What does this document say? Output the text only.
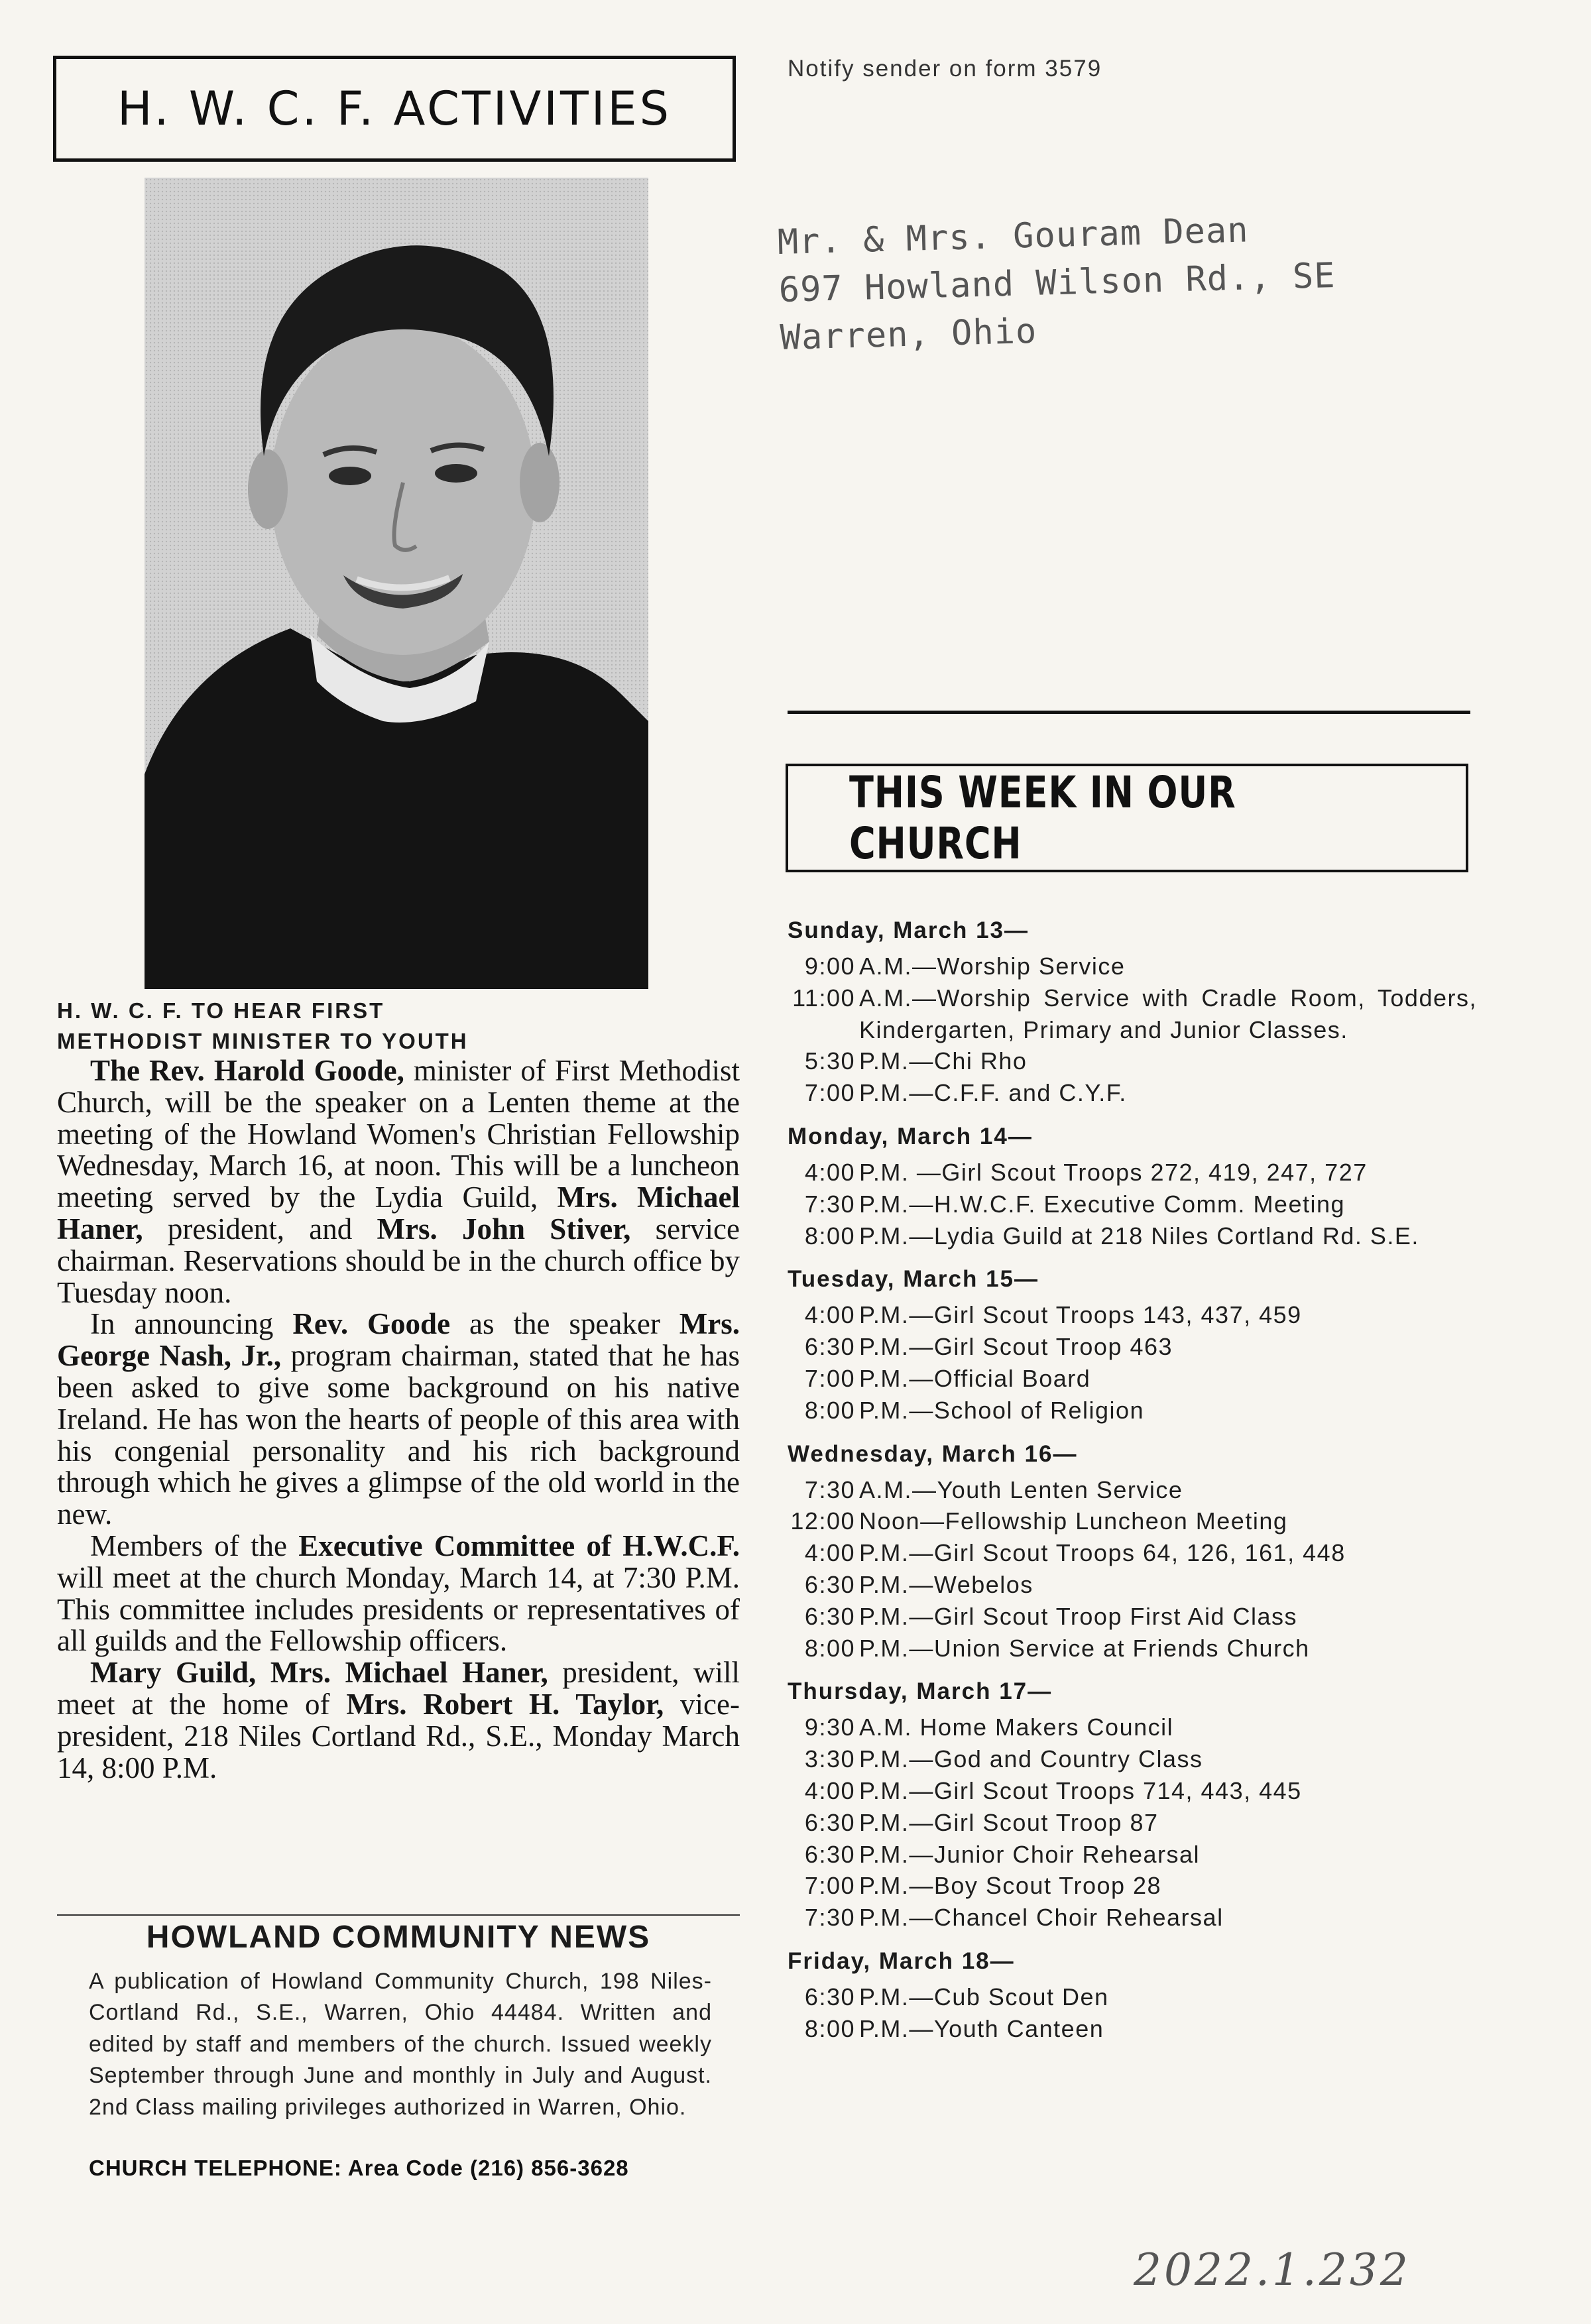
H. W. C. F. ACTIVITIES
Notify sender on form 3579
Mr. & Mrs. Gouram Dean
697 Howland Wilson Rd., SE
Warren, Ohio
THIS WEEK IN OUR CHURCH
H. W. C. F. TO HEAR FIRST
METHODIST MINISTER TO YOUTH

The Rev. Harold Goode, minister of First Methodist Church, will be the speaker on a Lenten theme at the meeting of the Howland Women's Christian Fellowship Wednesday, March 16, at noon. This will be a luncheon meeting served by the Lydia Guild, Mrs. Michael Haner, president, and Mrs. John Stiver, service chairman. Reservations should be in the church office by Tuesday noon.

In announcing Rev. Goode as the speaker Mrs. George Nash, Jr., program chairman, stated that he has been asked to give some background on his native Ireland. He has won the hearts of people of this area with his congenial personality and his rich background through which he gives a glimpse of the old world in the new.

Members of the Executive Committee of H.W.C.F. will meet at the church Monday, March 14, at 7:30 P.M. This committee includes presidents or representatives of all guilds and the Fellowship officers.

Mary Guild, Mrs. Michael Haner, president, will meet at the home of Mrs. Robert H. Taylor, vice-president, 218 Niles Cortland Rd., S.E., Monday March 14, 8:00 P.M.

HOWLAND COMMUNITY NEWS
A publication of Howland Community Church, 198 Niles-Cortland Rd., S.E., Warren, Ohio 44484. Written and edited by staff and members of the church. Issued weekly September through June and monthly in July and August. 2nd Class mailing privileges authorized in Warren, Ohio.
CHURCH TELEPHONE: Area Code (216) 856-3628
Sunday, March 13—
9:00 A.M.—Worship Service
11:00 A.M.—Worship Service with Cradle Room, Todders, Kindergarten, Primary and Junior Classes.
5:30 P.M.—Chi Rho
7:00 P.M.—C.F.F. and C.Y.F.
Monday, March 14—
4:00 P.M. —Girl Scout Troops 272, 419, 247, 727
7:30 P.M.—H.W.C.F. Executive Comm. Meeting
8:00 P.M.—Lydia Guild at 218 Niles Cortland Rd. S.E.
Tuesday, March 15—
4:00 P.M.—Girl Scout Troops 143, 437, 459
6:30 P.M.—Girl Scout Troop 463
7:00 P.M.—Official Board
8:00 P.M.—School of Religion
Wednesday, March 16—
7:30 A.M.—Youth Lenten Service
12:00 Noon—Fellowship Luncheon Meeting
4:00 P.M.—Girl Scout Troops 64, 126, 161, 448
6:30 P.M.—Webelos
6:30 P.M.—Girl Scout Troop First Aid Class
8:00 P.M.—Union Service at Friends Church
Thursday, March 17—
9:30 A.M. Home Makers Council
3:30 P.M.—God and Country Class
4:00 P.M.—Girl Scout Troops 714, 443, 445
6:30 P.M.—Girl Scout Troop 87
6:30 P.M.—Junior Choir Rehearsal
7:00 P.M.—Boy Scout Troop 28
7:30 P.M.—Chancel Choir Rehearsal
Friday, March 18—
6:30 P.M.—Cub Scout Den
8:00 P.M.—Youth Canteen
2022.1.232
